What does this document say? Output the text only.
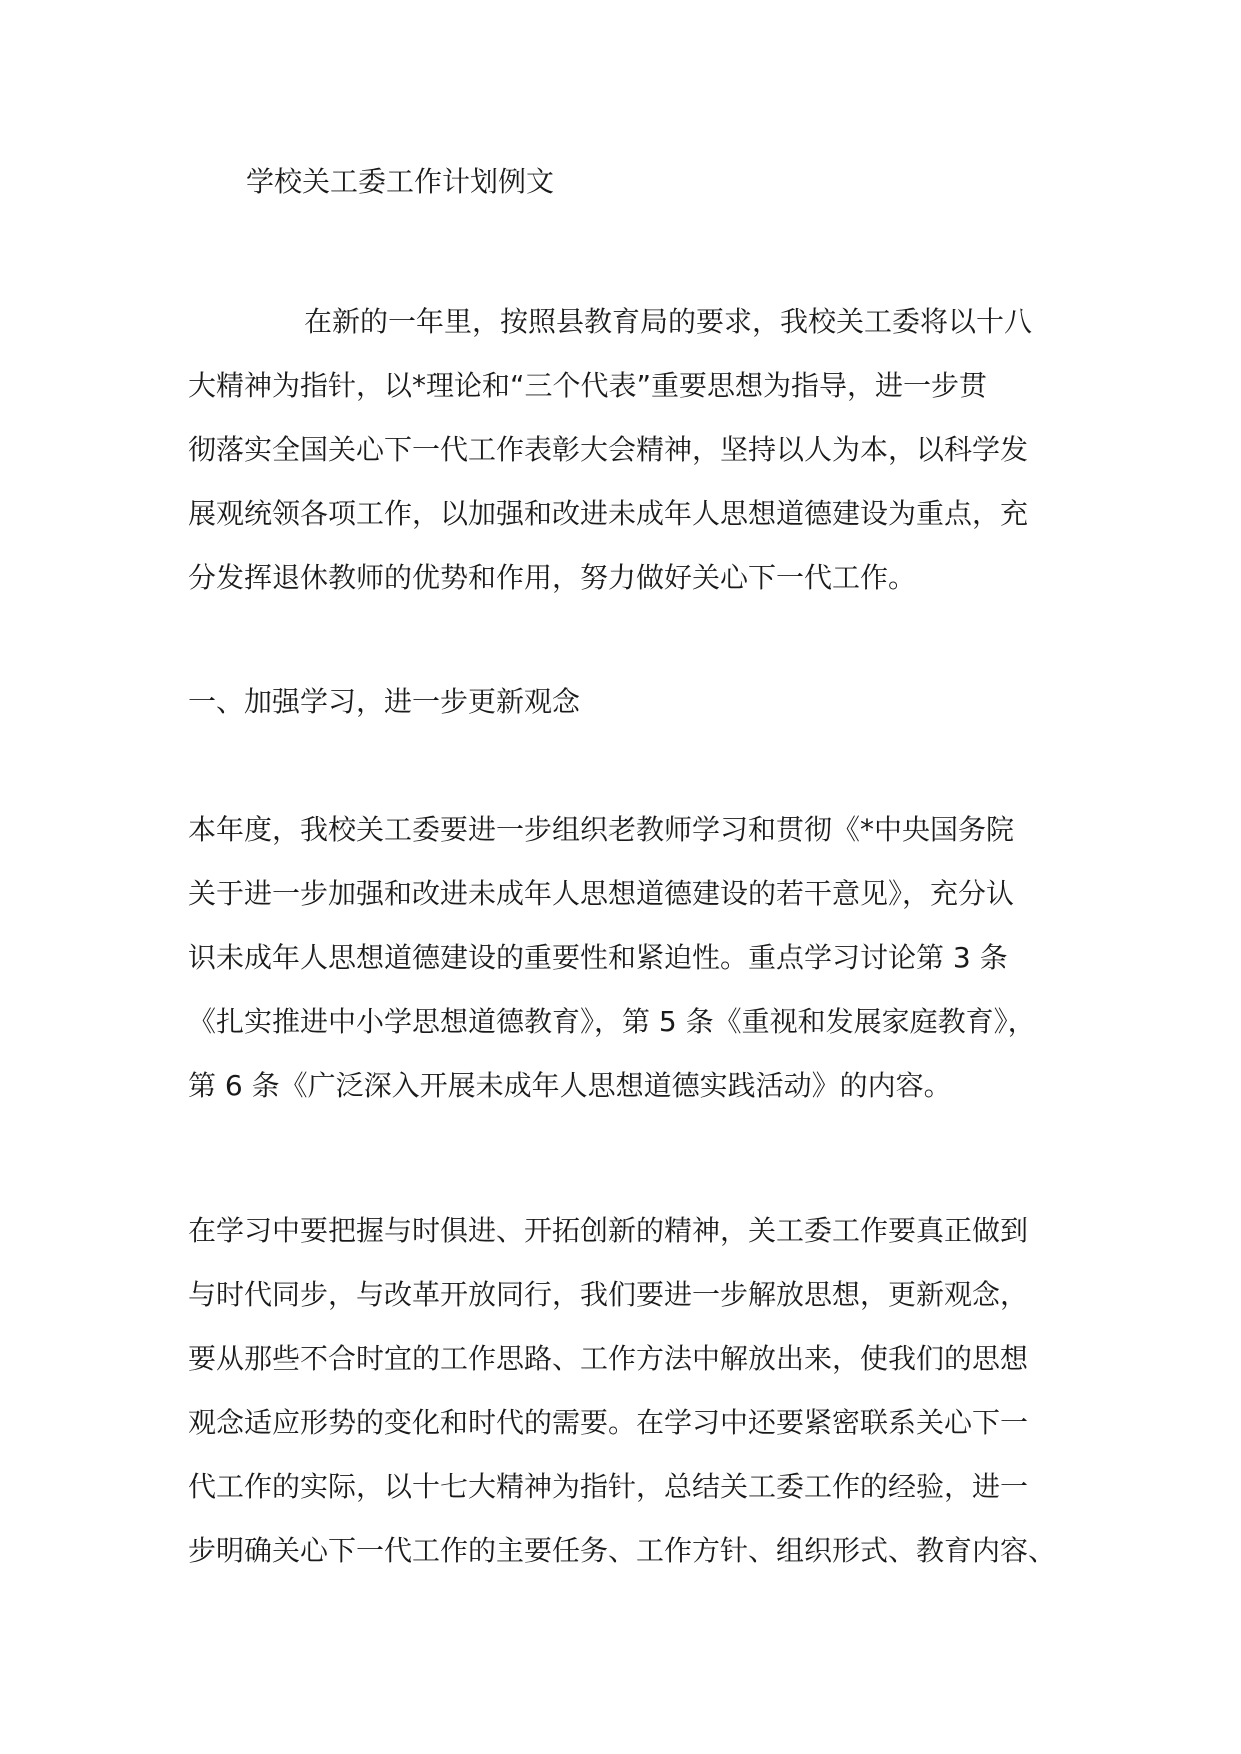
学校关工委工作计划例文
在新的一年里，按照县教育局的要求，我校关工委将以十八
大精神为指针，以*理论和“三个代表”重要思想为指导，进一步贯
彻落实全国关心下一代工作表彰大会精神，坚持以人为本，以科学发
展观统领各项工作，以加强和改进未成年人思想道德建设为重点，充
分发挥退休教师的优势和作用，努力做好关心下一代工作。
一、加强学习，进一步更新观念
本年度，我校关工委要进一步组织老教师学习和贯彻《*中央国务院
关于进一步加强和改进未成年人思想道德建设的若干意见》，充分认
识未成年人思想道德建设的重要性和紧迫性。重点学习讨论第 3 条
《扎实推进中小学思想道德教育》，第 5 条《重视和发展家庭教育》，
第 6 条《广泛深入开展未成年人思想道德实践活动》的内容。
在学习中要把握与时俱进、开拓创新的精神，关工委工作要真正做到
与时代同步，与改革开放同行，我们要进一步解放思想，更新观念，
要从那些不合时宜的工作思路、工作方法中解放出来，使我们的思想
观念适应形势的变化和时代的需要。在学习中还要紧密联系关心下一
代工作的实际，以十七大精神为指针，总结关工委工作的经验，进一
步明确关心下一代工作的主要任务、工作方针、组织形式、教育内容、
